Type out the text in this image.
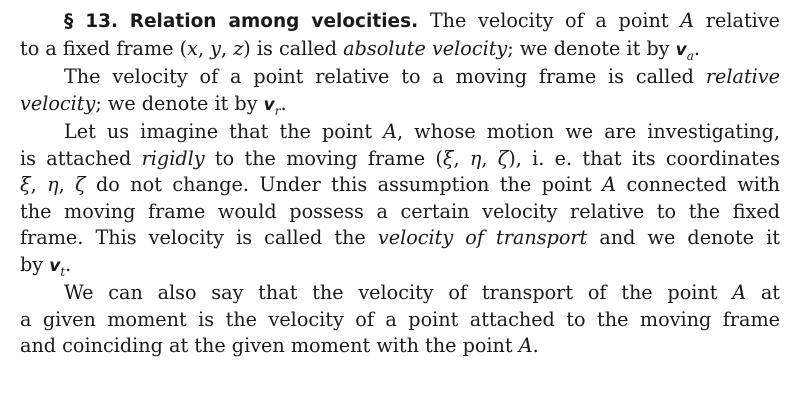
§ 13. Relation among velocities. The velocity of a point A relative
to a fixed frame (x, y, z) is called absolute velocity; we denote it by $v_a$.
The velocity of a point relative to a moving frame is called relative
velocity; we denote it by $v_r$.
Let us imagine that the point A, whose motion we are investigating,
is attached rigidly to the moving frame (ξ, η, ζ), i. e. that its coordinates
ξ, η, ζ do not change. Under this assumption the point A connected with
the moving frame would possess a certain velocity relative to the fixed
frame. This velocity is called the velocity of transport and we denote it
by $v_t$.
We can also say that the velocity of transport of the point A at
a given moment is the velocity of a point attached to the moving frame
and coinciding at the given moment with the point A.
